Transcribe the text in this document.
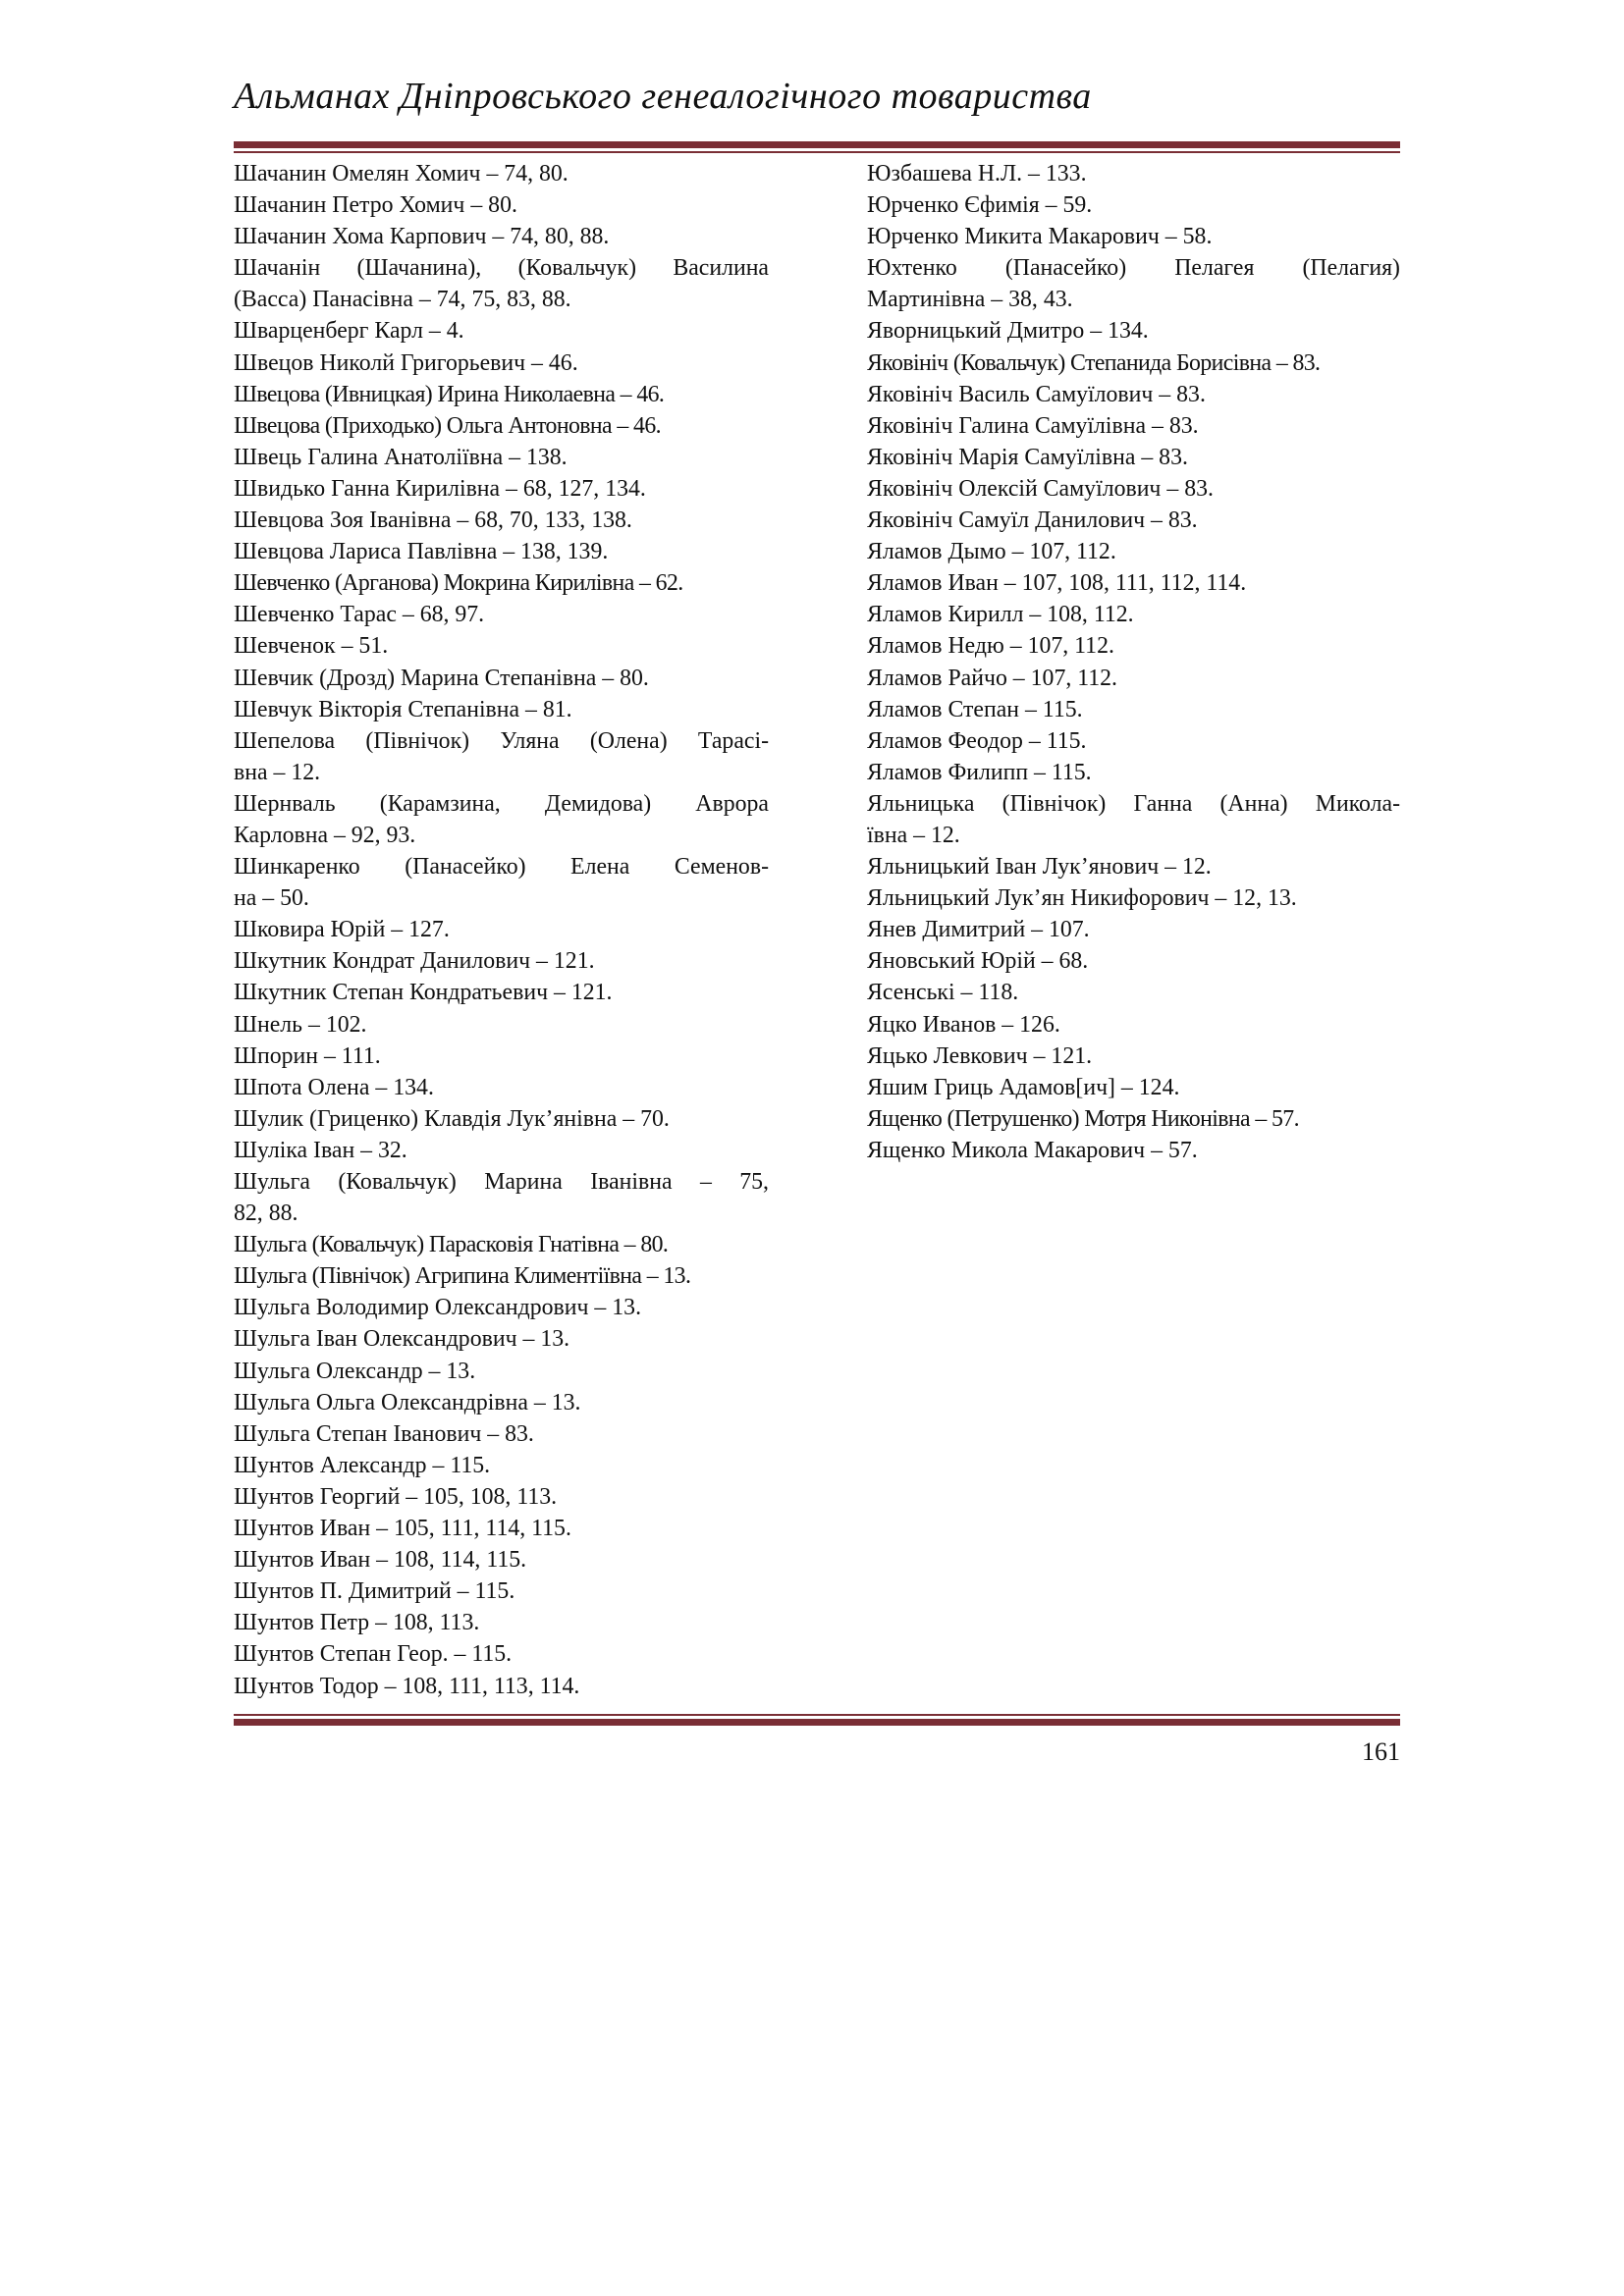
Альманах Дніпровського генеалогічного товариства

Шачанин Омелян Хомич – 74, 80.

Шачанин Петро Хомич – 80.

Шачанин Хома Карпович – 74, 80, 88.

Шачанін (Шачанина), (Ковальчук) Василина

(Васса) Панасівна – 74, 75, 83, 88.

Шварценберг Карл – 4.

Швецов Николй Григорьевич – 46.

Швецова (Ивницкая) Ирина Николаевна – 46.

Швецова (Приходько) Ольга Антоновна – 46.

Швець Галина Анатоліївна – 138.

Швидько Ганна Кирилівна – 68, 127, 134.

Шевцова Зоя Іванівна – 68, 70, 133, 138.

Шевцова Лариса Павлівна – 138, 139.

Шевченко (Арганова) Мокрина Кирилівна – 62.

Шевченко Тарас – 68, 97.

Шевченок – 51.

Шевчик (Дрозд) Марина Степанівна – 80.

Шевчук Вікторія Степанівна – 81.

Шепелова (Північок) Уляна (Олена) Тарасі-

вна – 12.

Шернваль (Карамзина, Демидова) Аврора

Карловна – 92, 93.

Шинкаренко (Панасейко) Елена Семенов-

на – 50.

Шковира Юрій – 127.

Шкутник Кондрат Данилович – 121.

Шкутник Степан Кондратьевич – 121.

Шнель – 102.

Шпорин – 111.

Шпота Олена – 134.

Шулик (Гриценко) Клавдія Лук’янівна – 70.

Шуліка Іван – 32.

Шульга (Ковальчук) Марина Іванівна – 75,

82, 88.

Шульга (Ковальчук) Парасковія Гнатівна – 80.

Шульга (Північок) Агрипина Климентіївна – 13.

Шульга Володимир Олександрович – 13.

Шульга Іван Олександрович – 13.

Шульга Олександр – 13.

Шульга Ольга Олександрівна – 13.

Шульга Степан Іванович – 83.

Шунтов Александр – 115.

Шунтов Георгий – 105, 108, 113.

Шунтов Иван – 105, 111, 114, 115.

Шунтов Иван – 108, 114, 115.

Шунтов П. Димитрий – 115.

Шунтов Петр – 108, 113.

Шунтов Степан Геор. – 115.

Шунтов Тодор – 108, 111, 113, 114.

Юзбашева Н.Л. – 133.

Юрченко Єфимія – 59.

Юрченко Микита Макарович – 58.

Юхтенко (Панасейко) Пелагея (Пелагия)

Мартинівна – 38, 43.

Яворницький Дмитро – 134.

Яковініч (Ковальчук) Степанида Борисівна – 83.

Яковініч Василь Самуїлович – 83.

Яковініч Галина Самуїлівна – 83.

Яковініч Марія Самуїлівна – 83.

Яковініч Олексій Самуїлович – 83.

Яковініч Самуїл Данилович – 83.

Яламов Дымо – 107, 112.

Яламов Иван – 107, 108, 111, 112, 114.

Яламов Кирилл – 108, 112.

Яламов Недю – 107, 112.

Яламов Райчо – 107, 112.

Яламов Степан – 115.

Яламов Феодор – 115.

Яламов Филипп – 115.

Яльницька (Північок) Ганна (Анна) Микола-

ївна – 12.

Яльницький Іван Лук’янович – 12.

Яльницький Лук’ян Никифорович – 12, 13.

Янев Димитрий – 107.

Яновський Юрій – 68.

Ясенські – 118.

Яцко Иванов – 126.

Яцько Левкович – 121.

Яшим Гриць Адамов[ич] – 124.

Ященко (Петрушенко) Мотря Никонівна – 57.

Ященко Микола Макарович – 57.

161
